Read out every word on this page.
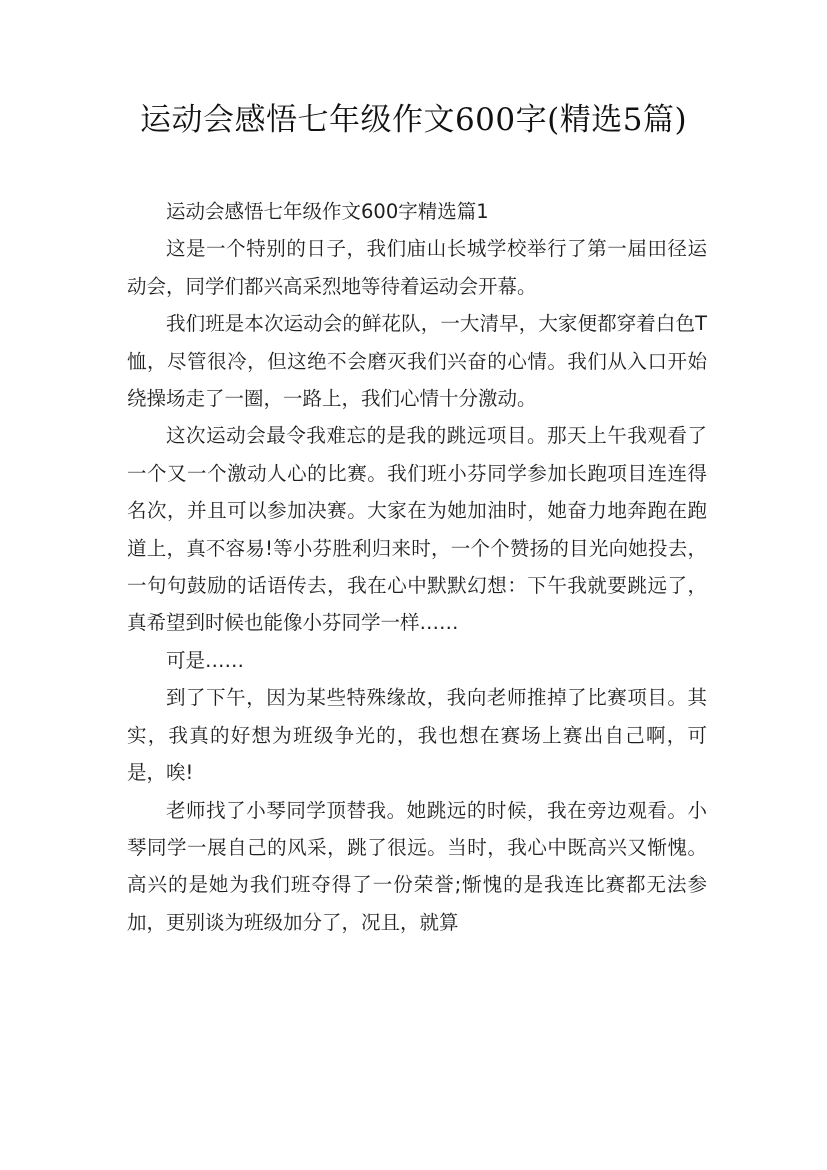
运动会感悟七年级作文600字(精选5篇)

运动会感悟七年级作文600字精选篇1

这是一个特别的日子，我们庙山长城学校举行了第一届田径运动会，同学们都兴高采烈地等待着运动会开幕。

我们班是本次运动会的鲜花队，一大清早，大家便都穿着白色T恤，尽管很冷，但这绝不会磨灭我们兴奋的心情。我们从入口开始绕操场走了一圈，一路上，我们心情十分激动。

这次运动会最令我难忘的是我的跳远项目。那天上午我观看了一个又一个激动人心的比赛。我们班小芬同学参加长跑项目连连得名次，并且可以参加决赛。大家在为她加油时，她奋力地奔跑在跑道上，真不容易!等小芬胜利归来时，一个个赞扬的目光向她投去，一句句鼓励的话语传去，我在心中默默幻想：下午我就要跳远了，真希望到时候也能像小芬同学一样……

可是……

到了下午，因为某些特殊缘故，我向老师推掉了比赛项目。其实，我真的好想为班级争光的，我也想在赛场上赛出自己啊，可是，唉!

老师找了小琴同学顶替我。她跳远的时候，我在旁边观看。小琴同学一展自己的风采，跳了很远。当时，我心中既高兴又惭愧。高兴的是她为我们班夺得了一份荣誉;惭愧的是我连比赛都无法参加，更别谈为班级加分了，况且，就算
